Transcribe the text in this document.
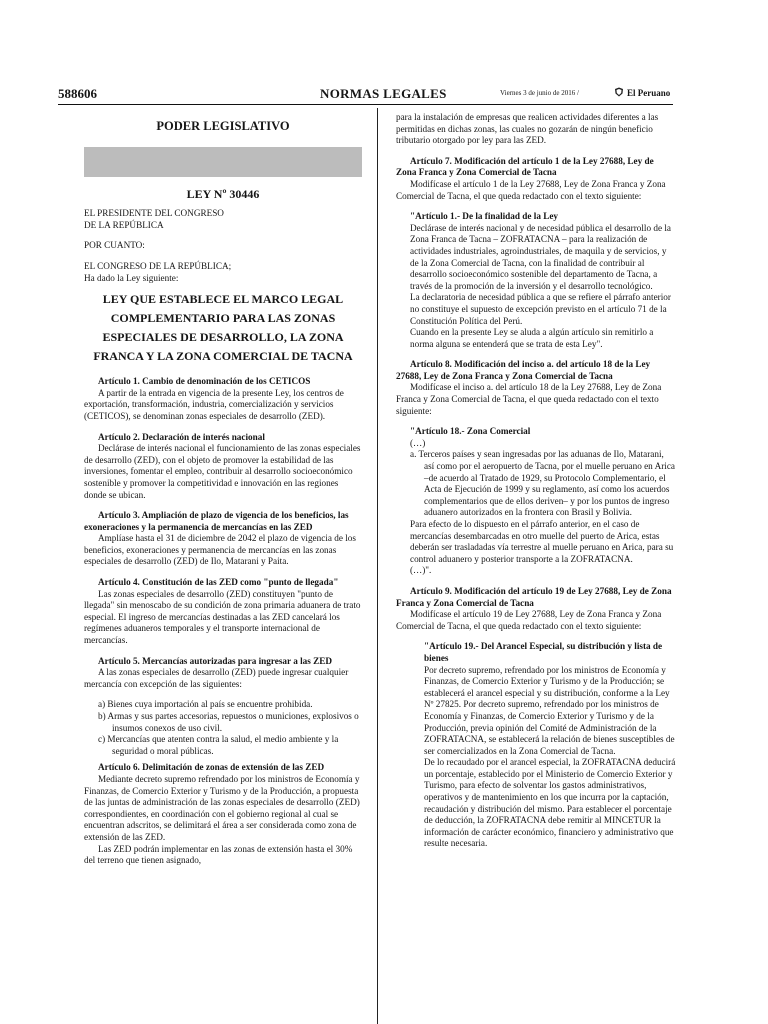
588606	NORMAS LEGALES	Viernes 3 de junio de 2016 /	El Peruano

PODER LEGISLATIVO

LEY Nº 30446

EL PRESIDENTE DEL CONGRESO

DE LA REPÚBLICA

POR CUANTO:

EL CONGRESO DE LA REPÚBLICA;

Ha dado la Ley siguiente:

LEY QUE ESTABLECE EL MARCO LEGAL COMPLEMENTARIO PARA LAS ZONAS ESPECIALES DE DESARROLLO, LA ZONA FRANCA Y LA ZONA COMERCIAL DE TACNA

Artículo 1. Cambio de denominación de los CETICOS

A partir de la entrada en vigencia de la presente Ley, los centros de exportación, transformación, industria, comercialización y servicios (CETICOS), se denominan zonas especiales de desarrollo (ZED).

Artículo 2. Declaración de interés nacional

Declárase de interés nacional el funcionamiento de las zonas especiales de desarrollo (ZED), con el objeto de promover la estabilidad de las inversiones, fomentar el empleo, contribuir al desarrollo socioeconómico sostenible y promover la competitividad e innovación en las regiones donde se ubican.

Artículo 3. Ampliación de plazo de vigencia de los beneficios, las exoneraciones y la permanencia de mercancías en las ZED

Amplíase hasta el 31 de diciembre de 2042 el plazo de vigencia de los beneficios, exoneraciones y permanencia de mercancías en las zonas especiales de desarrollo (ZED) de Ilo, Matarani y Paita.

Artículo 4. Constitución de las ZED como "punto de llegada"

Las zonas especiales de desarrollo (ZED) constituyen "punto de llegada" sin menoscabo de su condición de zona primaria aduanera de trato especial. El ingreso de mercancías destinadas a las ZED cancelará los regímenes aduaneros temporales y el transporte internacional de mercancías.

Artículo 5. Mercancías autorizadas para ingresar a las ZED

A las zonas especiales de desarrollo (ZED) puede ingresar cualquier mercancía con excepción de las siguientes:

a) Bienes cuya importación al país se encuentre prohibida.

b) Armas y sus partes accesorias, repuestos o municiones, explosivos o insumos conexos de uso civil.

c) Mercancías que atenten contra la salud, el medio ambiente y la seguridad o moral públicas.

Artículo 6. Delimitación de zonas de extensión de las ZED

Mediante decreto supremo refrendado por los ministros de Economía y Finanzas, de Comercio Exterior y Turismo y de la Producción, a propuesta de las juntas de administración de las zonas especiales de desarrollo (ZED) correspondientes, en coordinación con el gobierno regional al cual se encuentran adscritos, se delimitará el área a ser considerada como zona de extensión de las ZED.

Las ZED podrán implementar en las zonas de extensión hasta el 30% del terreno que tienen asignado,

para la instalación de empresas que realicen actividades diferentes a las permitidas en dichas zonas, las cuales no gozarán de ningún beneficio tributario otorgado por ley para las ZED.

Artículo 7. Modificación del artículo 1 de la Ley 27688, Ley de Zona Franca y Zona Comercial de Tacna

Modifícase el artículo 1 de la Ley 27688, Ley de Zona Franca y Zona Comercial de Tacna, el que queda redactado con el texto siguiente:

"Artículo 1.- De la finalidad de la Ley

Declárase de interés nacional y de necesidad pública el desarrollo de la Zona Franca de Tacna – ZOFRATACNA – para la realización de actividades industriales, agroindustriales, de maquila y de servicios, y de la Zona Comercial de Tacna, con la finalidad de contribuir al desarrollo socioeconómico sostenible del departamento de Tacna, a través de la promoción de la inversión y el desarrollo tecnológico.

La declaratoria de necesidad pública a que se refiere el párrafo anterior no constituye el supuesto de excepción previsto en el artículo 71 de la Constitución Política del Perú.

Cuando en la presente Ley se aluda a algún artículo sin remitirlo a norma alguna se entenderá que se trata de esta Ley".

Artículo 8. Modificación del inciso a. del artículo 18 de la Ley 27688, Ley de Zona Franca y Zona Comercial de Tacna

Modifícase el inciso a. del artículo 18 de la Ley 27688, Ley de Zona Franca y Zona Comercial de Tacna, el que queda redactado con el texto siguiente:

"Artículo 18.- Zona Comercial

(…)

a. Terceros países y sean ingresadas por las aduanas de Ilo, Matarani, así como por el aeropuerto de Tacna, por el muelle peruano en Arica –de acuerdo al Tratado de 1929, su Protocolo Complementario, el Acta de Ejecución de 1999 y su reglamento, así como los acuerdos complementarios que de ellos deriven– y por los puntos de ingreso aduanero autorizados en la frontera con Brasil y Bolivia.

Para efecto de lo dispuesto en el párrafo anterior, en el caso de mercancías desembarcadas en otro muelle del puerto de Arica, estas deberán ser trasladadas vía terrestre al muelle peruano en Arica, para su control aduanero y posterior transporte a la ZOFRATACNA.

(…)".

Artículo 9. Modificación del artículo 19 de Ley 27688, Ley de Zona Franca y Zona Comercial de Tacna

Modifícase el artículo 19 de Ley 27688, Ley de Zona Franca y Zona Comercial de Tacna, el que queda redactado con el texto siguiente:

"Artículo 19.- Del Arancel Especial, su distribución y lista de bienes

Por decreto supremo, refrendado por los ministros de Economía y Finanzas, de Comercio Exterior y Turismo y de la Producción; se establecerá el arancel especial y su distribución, conforme a la Ley Nº 27825. Por decreto supremo, refrendado por los ministros de Economía y Finanzas, de Comercio Exterior y Turismo y de la Producción, previa opinión del Comité de Administración de la ZOFRATACNA, se establecerá la relación de bienes susceptibles de ser comercializados en la Zona Comercial de Tacna.

De lo recaudado por el arancel especial, la ZOFRATACNA deducirá un porcentaje, establecido por el Ministerio de Comercio Exterior y Turismo, para efecto de solventar los gastos administrativos, operativos y de mantenimiento en los que incurra por la captación, recaudación y distribución del mismo. Para establecer el porcentaje de deducción, la ZOFRATACNA debe remitir al MINCETUR la información de carácter económico, financiero y administrativo que resulte necesaria.
